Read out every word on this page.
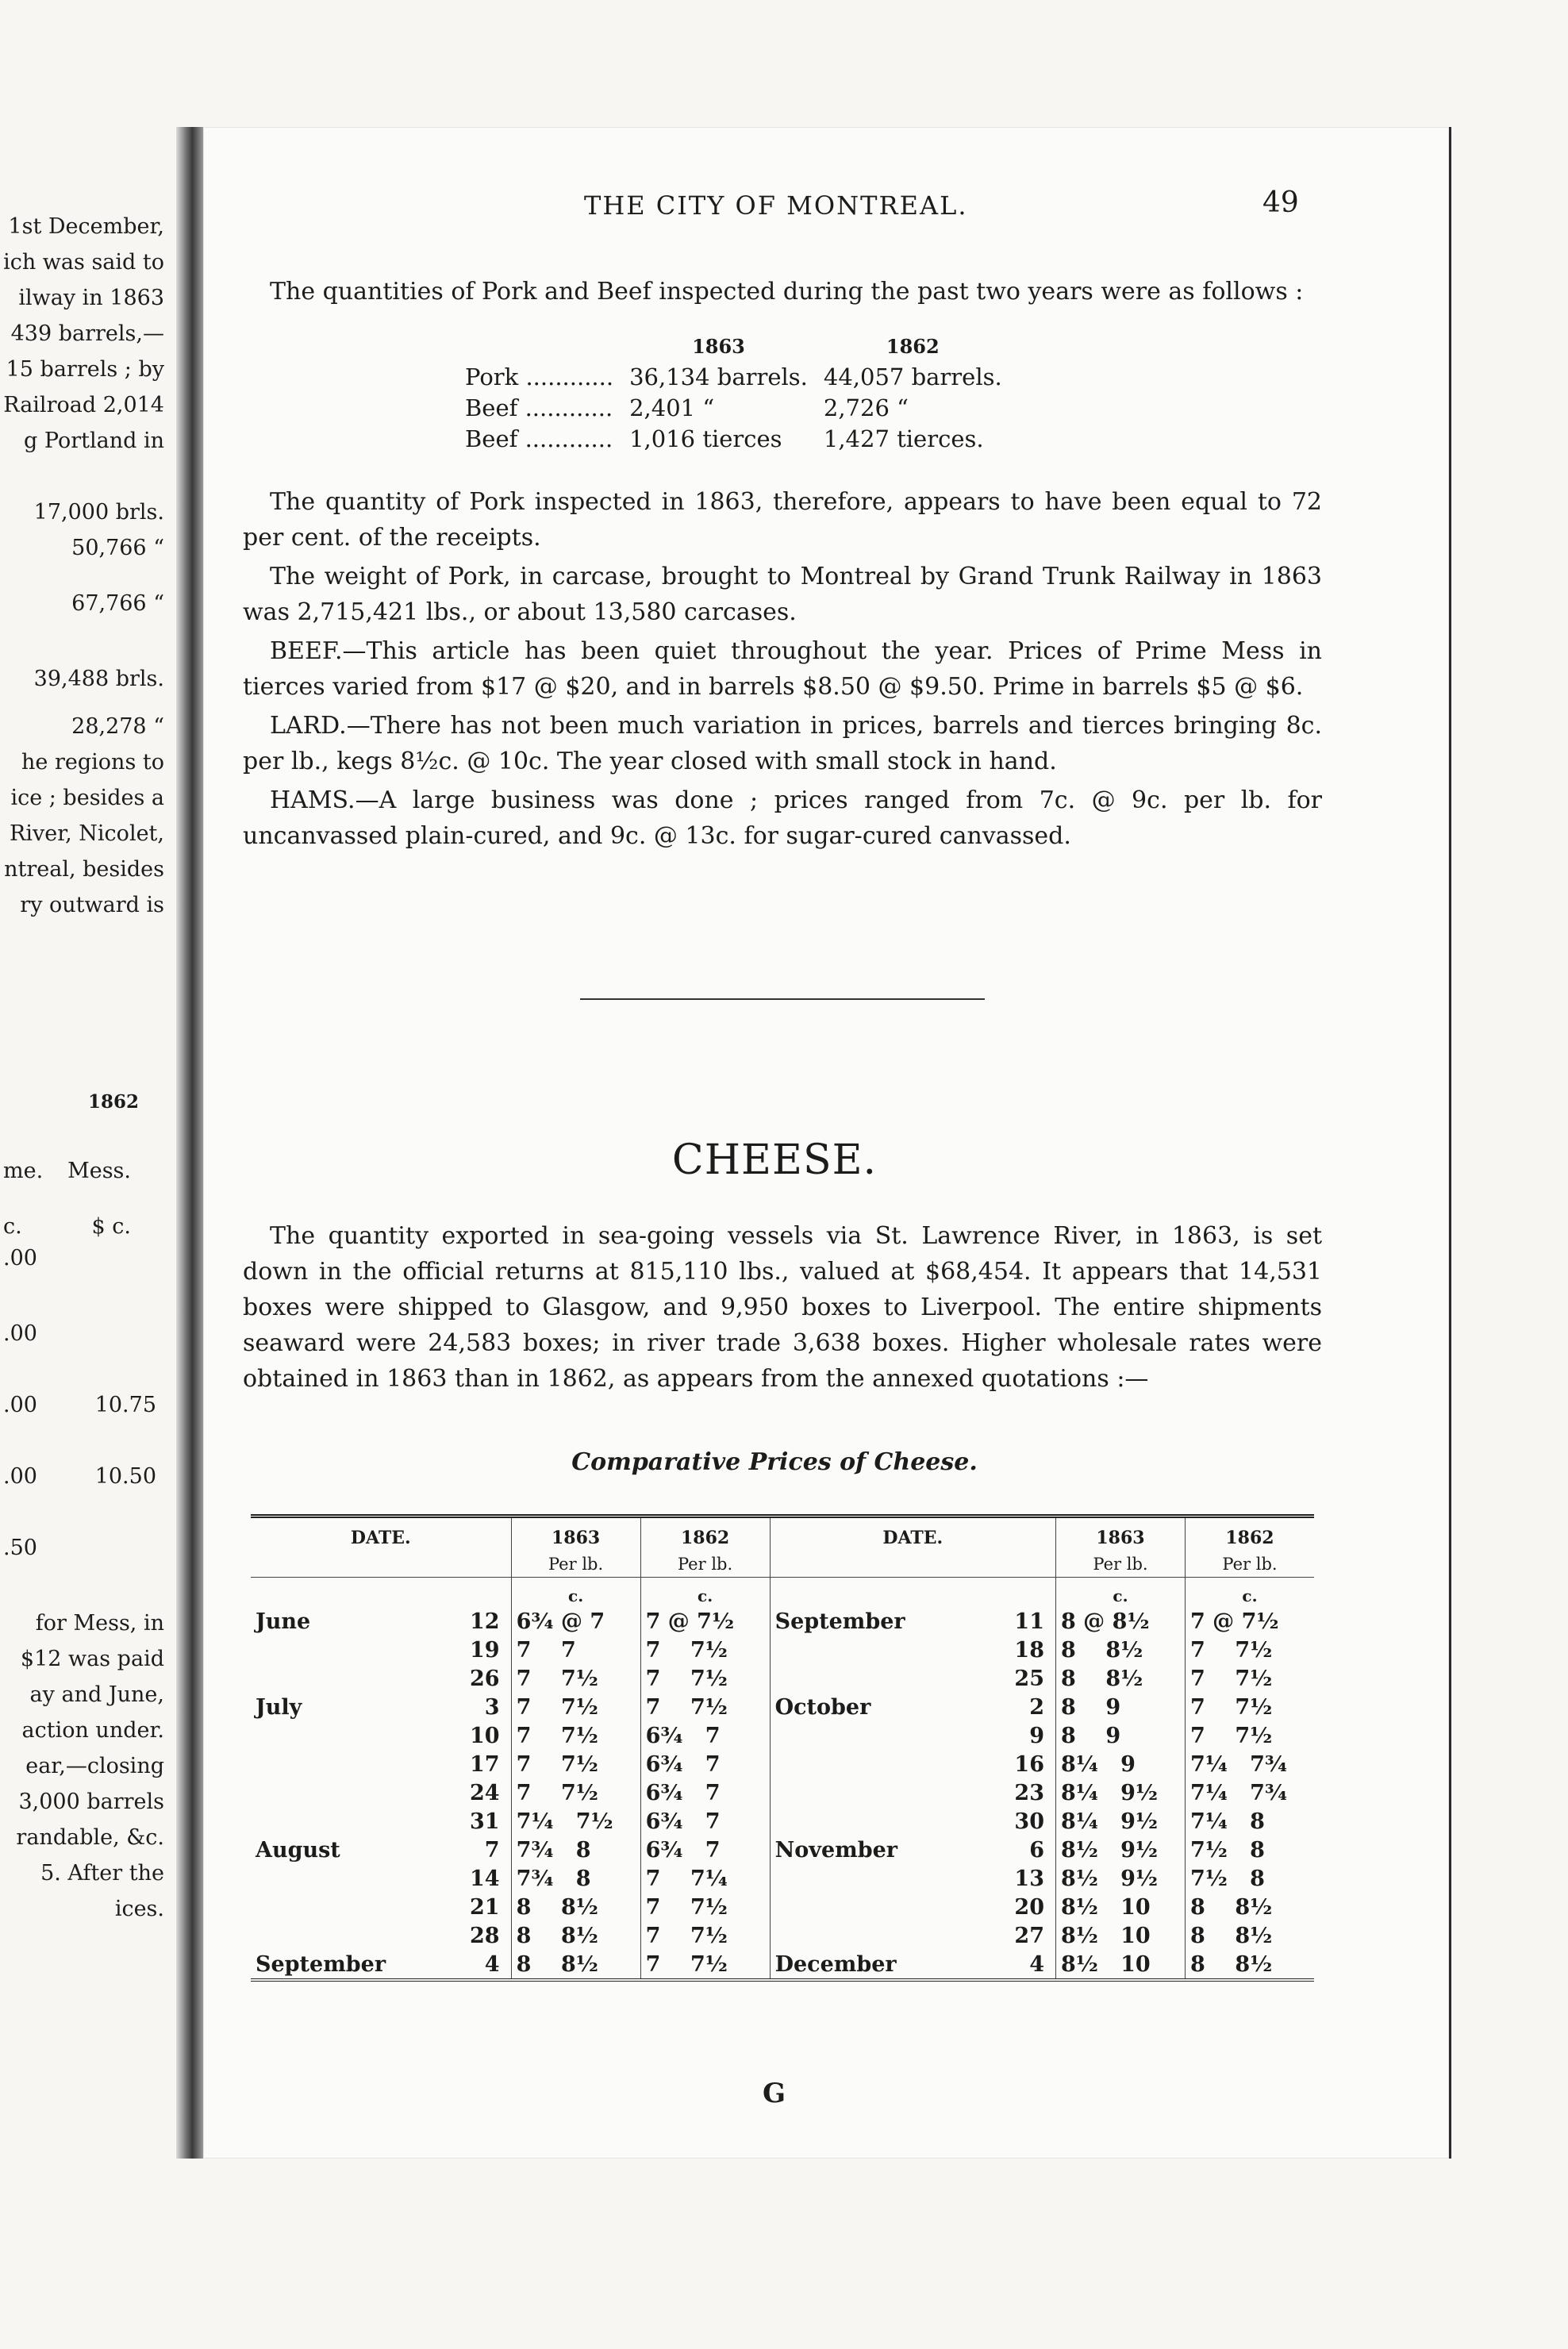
1st December,
ich was said to
ilway in 1863
439 barrels,—
15 barrels ; by
Railroad 2,014
g Portland in
17,000 brls.
50,766 “
67,766 “
39,488 brls.
28,278 “
he regions to
ice ; besides a
River, Nicolet,
ntreal, besides
ry outward is
1862
me. Mess.
c.	$ c.
.00
.00
.00	10.75
.00	10.50
.50
for Mess, in
$12 was paid
ay and June,
action under.
ear,—closing
3,000 barrels
randable, &c.
5. After the
ices.
THE CITY OF MONTREAL.	49

The quantities of Pork and Beef inspected during the past two years were as follows :

	1863	1862
Pork ............	36,134 barrels.	44,057 barrels.
Beef ............	2,401 “	2,726 “
Beef ............	1,016 tierces	1,427 tierces.

The quantity of Pork inspected in 1863, therefore, appears to have been equal to 72 per cent. of the receipts.

The weight of Pork, in carcase, brought to Montreal by Grand Trunk Railway in 1863 was 2,715,421 lbs., or about 13,580 carcases.

BEEF.—This article has been quiet throughout the year. Prices of Prime Mess in tierces varied from $17 @ $20, and in barrels $8.50 @ $9.50. Prime in barrels $5 @ $6.

LARD.—There has not been much variation in prices, barrels and tierces bringing 8c. per lb., kegs 8½c. @ 10c. The year closed with small stock in hand.

HAMS.—A large business was done ; prices ranged from 7c. @ 9c. per lb. for uncanvassed plain-cured, and 9c. @ 13c. for sugar-cured canvassed.

CHEESE.

The quantity exported in sea-going vessels via St. Lawrence River, in 1863, is set down in the official returns at 815,110 lbs., valued at $68,454. It appears that 14,531 boxes were shipped to Glasgow, and 9,950 boxes to Liverpool. The entire shipments seaward were 24,583 boxes; in river trade 3,638 boxes. Higher wholesale rates were obtained in 1863 than in 1862, as appears from the annexed quotations :—

Comparative Prices of Cheese.
DATE.		1863
Per lb.	1862
Per lb.	DATE.		1863
Per lb.	1862
Per lb.

		c.	c.			c.	c.
June	12	6¾ @ 7	7 @ 7½	September	11	8 @ 8½	7 @ 7½
	19	7    7	7    7½		18	8    8½	7    7½
	26	7    7½	7    7½		25	8    8½	7    7½
July	3	7    7½	7    7½	October	2	8    9	7    7½
	10	7    7½	6¾   7		9	8    9	7    7½
	17	7    7½	6¾   7		16	8¼   9	7¼   7¾
	24	7    7½	6¾   7		23	8¼   9½	7¼   7¾
	31	7¼   7½	6¾   7		30	8¼   9½	7¼   8
August	7	7¾   8	6¾   7	November	6	8½   9½	7½   8
	14	7¾   8	7    7¼		13	8½   9½	7½   8
	21	8    8½	7    7½		20	8½   10	8    8½
	28	8    8½	7    7½		27	8½   10	8    8½
September	4	8    8½	7    7½	December	4	8½   10	8    8½
G
